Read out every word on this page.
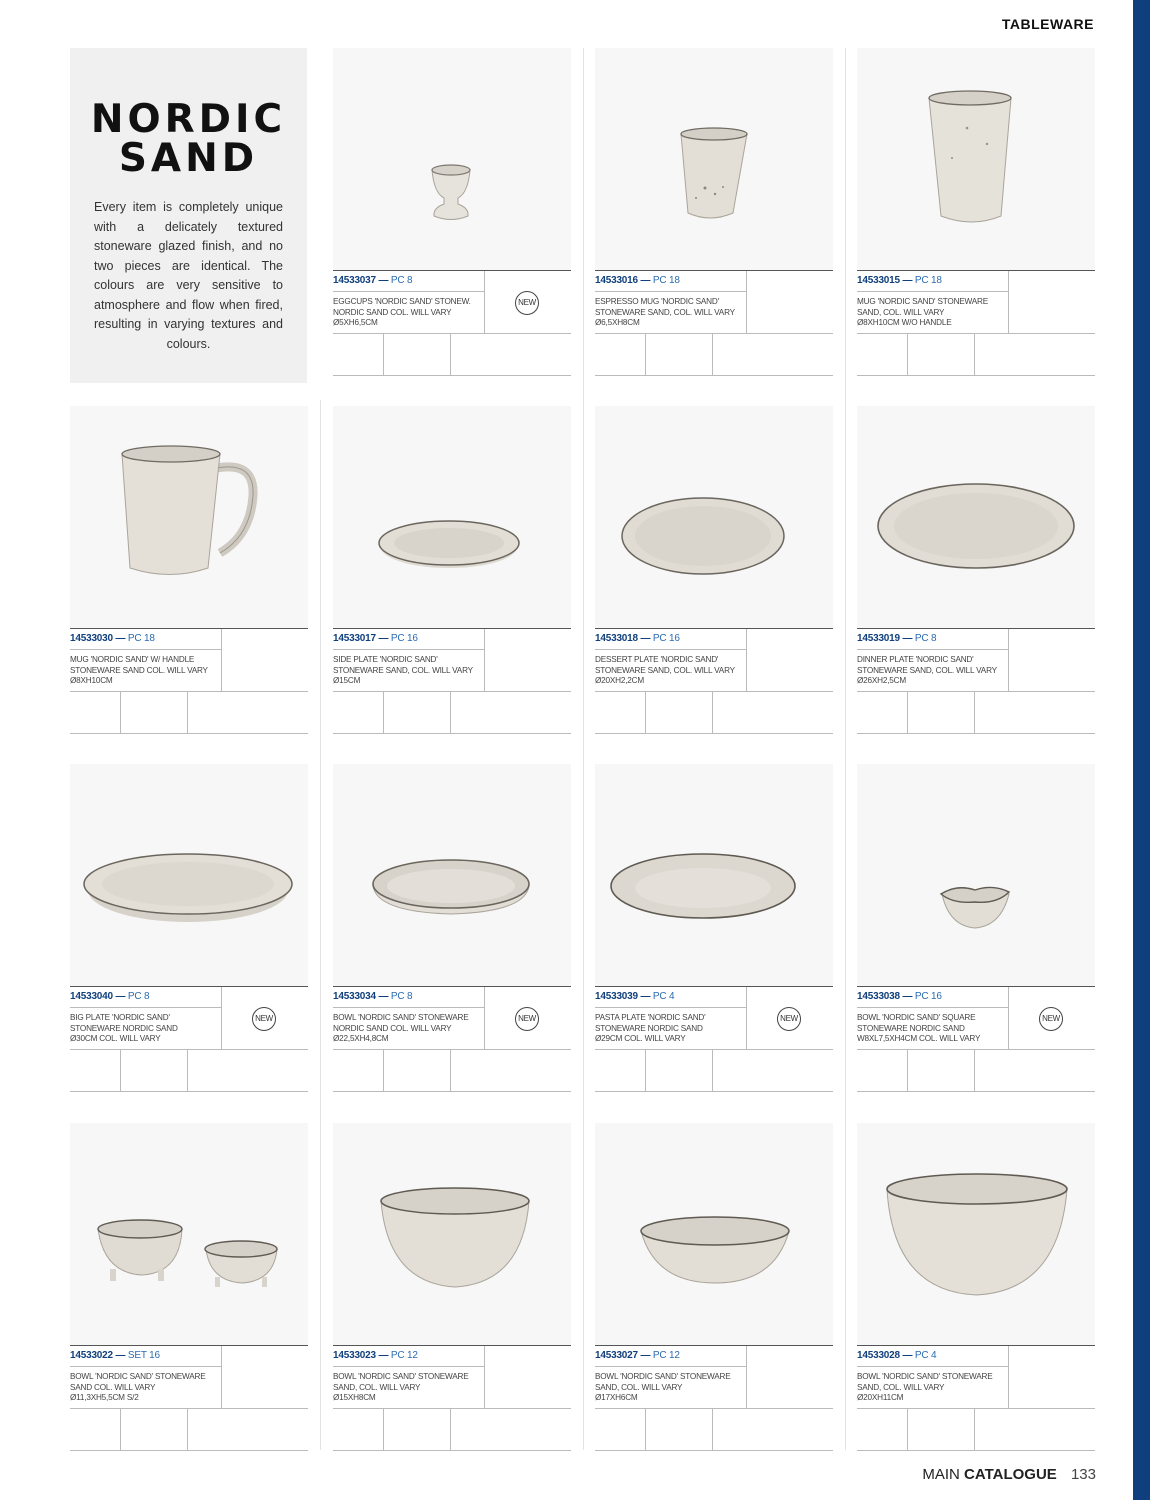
TABLEWARE
NORDIC
SAND

Every item is completely unique with a delicately textured stoneware glazed finish, and no two pieces are identical. The colours are very sensitive to atmosphere and flow when fired, resulting in varying textures and colours.

14533037 — PC 8
EGGCUPS 'NORDIC SAND' STONEW.
NORDIC SAND COL. WILL VARY
Ø5XH6,5CM
NEW
14533016 — PC 18
ESPRESSO MUG 'NORDIC SAND'
STONEWARE SAND, COL. WILL VARY
Ø6,5XH8CM
14533015 — PC 18
MUG 'NORDIC SAND' STONEWARE
SAND, COL. WILL VARY
Ø8XH10CM W/O HANDLE
14533030 — PC 18
MUG 'NORDIC SAND' W/ HANDLE
STONEWARE SAND COL. WILL VARY
Ø8XH10CM
14533017 — PC 16
SIDE PLATE 'NORDIC SAND'
STONEWARE SAND, COL. WILL VARY
Ø15CM
14533018 — PC 16
DESSERT PLATE 'NORDIC SAND'
STONEWARE SAND, COL. WILL VARY
Ø20XH2,2CM
14533019 — PC 8
DINNER PLATE 'NORDIC SAND'
STONEWARE SAND, COL. WILL VARY
Ø26XH2,5CM
14533040 — PC 8
BIG PLATE 'NORDIC SAND'
STONEWARE NORDIC SAND
Ø30CM COL. WILL VARY
NEW
14533034 — PC 8
BOWL 'NORDIC SAND' STONEWARE
NORDIC SAND COL. WILL VARY
Ø22,5XH4,8CM
NEW
14533039 — PC 4
PASTA PLATE 'NORDIC SAND'
STONEWARE NORDIC SAND
Ø29CM COL. WILL VARY
NEW
14533038 — PC 16
BOWL 'NORDIC SAND' SQUARE
STONEWARE NORDIC SAND
W8XL7,5XH4CM COL. WILL VARY
NEW
14533022 — SET 16
BOWL 'NORDIC SAND' STONEWARE
SAND COL. WILL VARY
Ø11,3XH5,5CM S/2
14533023 — PC 12
BOWL 'NORDIC SAND' STONEWARE
SAND, COL. WILL VARY
Ø15XH8CM
14533027 — PC 12
BOWL 'NORDIC SAND' STONEWARE
SAND, COL. WILL VARY
Ø17XH6CM
14533028 — PC 4
BOWL 'NORDIC SAND' STONEWARE
SAND, COL. WILL VARY
Ø20XH11CM
MAIN CATALOGUE 133
